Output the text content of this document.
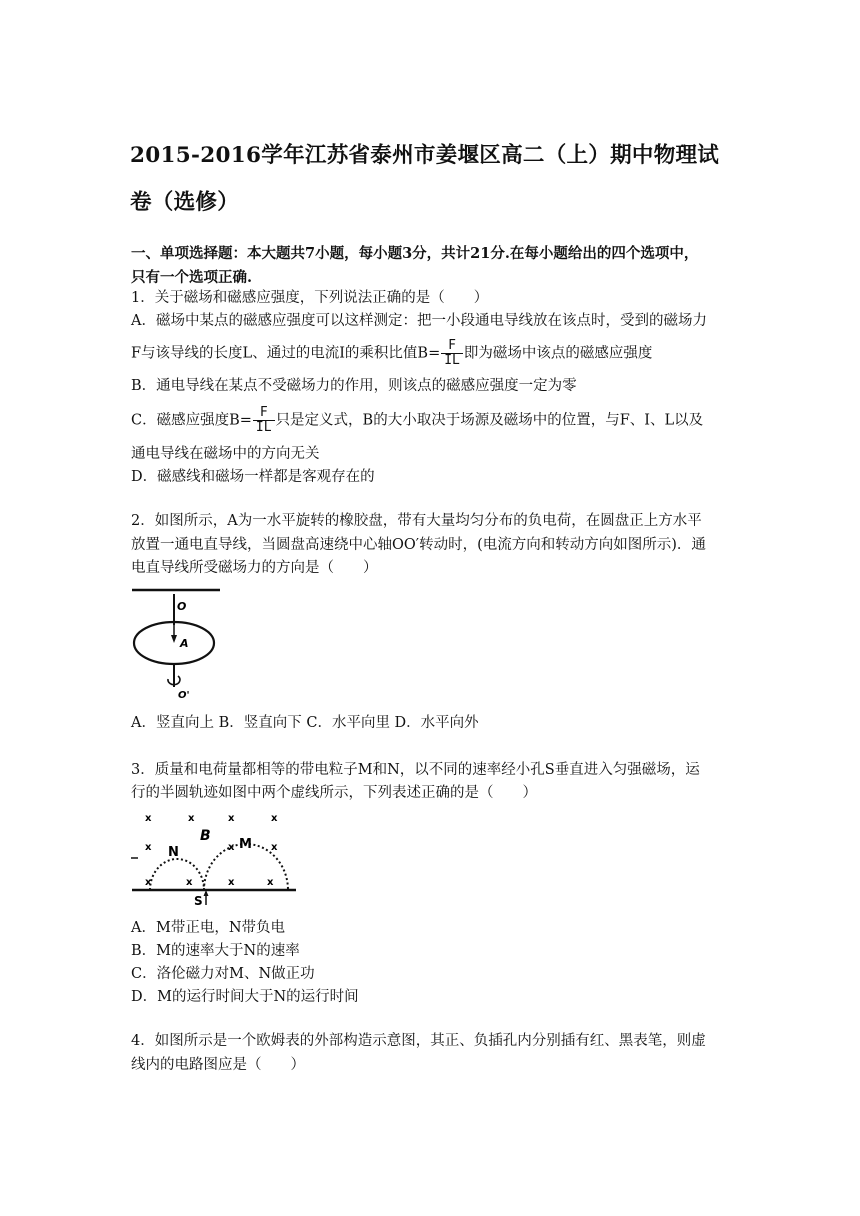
2015-2016学年江苏省泰州市姜堰区高二（上）期中物理试卷（选修）
一、单项选择题：本大题共7小题，每小题3分，共计21分.在每小题给出的四个选项中，
只有一个选项正确.
1．关于磁场和磁感应强度，下列说法正确的是（　　）
A．磁场中某点的磁感应强度可以这样测定：把一小段通电导线放在该点时，受到的磁场力
F与该导线的长度L、通过的电流I的乘积比值$B= \frac{F}{IL}$ 即为磁场中该点的磁感应强度
B．通电导线在某点不受磁场力的作用，则该点的磁感应强度一定为零
C．磁感应强度$B= \frac{F}{IL}$ 只是定义式，B的大小取决于场源及磁场中的位置，与F、I、L以及
通电导线在磁场中的方向无关
D．磁感线和磁场一样都是客观存在的
2．如图所示，A为一水平旋转的橡胶盘，带有大量均匀分布的负电荷，在圆盘正上方水平
放置一通电直导线，当圆盘高速绕中心轴OO′转动时，(电流方向和转动方向如图所示)．通
电直导线所受磁场力的方向是（　　）
O
A
O'
A．竖直向上 B．竖直向下 C．水平向里 D．水平向外
3．质量和电荷量都相等的带电粒子M和N，以不同的速率经小孔S垂直进入匀强磁场，运
行的半圆轨迹如图中两个虚线所示，下列表述正确的是（　　）
x	x	x	x
x	x	x
x	x	x	x
B
N
M
S
A．M带正电，N带负电
B．M的速率大于N的速率
C．洛伦磁力对M、N做正功
D．M的运行时间大于N的运行时间
4．如图所示是一个欧姆表的外部构造示意图，其正、负插孔内分别插有红、黑表笔，则虚
线内的电路图应是（　　）
